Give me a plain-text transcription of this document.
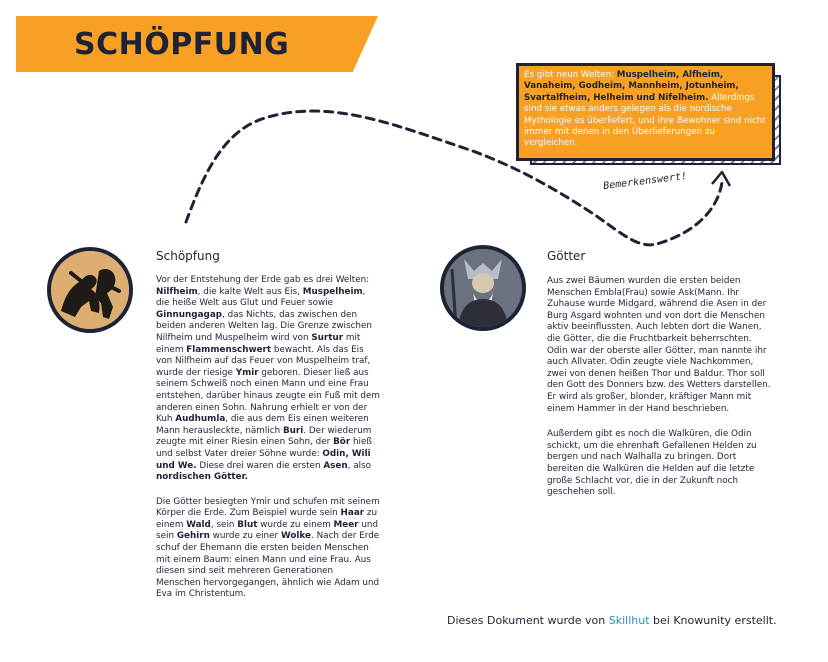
SCHÖPFUNG
Es gibt neun Welten: Muspelheim, Alfheim, Vanaheim, Godheim, Mannheim, Jotunheim, Svartalfheim, Helheim und Nifelheim. Allerdings sind sie etwas anders gelegen als die nordische Mythologie es überliefert, und ihre Bewohner sind nicht immer mit denen in den Überlieferungen zu vergleichen.
Bemerkenswert!
Schöpfung

Vor der Entstehung der Erde gab es drei Welten: Nilfheim, die kalte Welt aus Eis, Muspelheim, die heiße Welt aus Glut und Feuer sowie Ginnungagap, das Nichts, das zwischen den beiden anderen Welten lag. Die Grenze zwischen Nilfheim und Muspelheim wird von Surtur mit einem Flammenschwert bewacht. Als das Eis von Nilfheim auf das Feuer von Muspelheim traf, wurde der riesige Ymir geboren. Dieser ließ aus seinem Schweiß noch einen Mann und eine Frau entstehen, darüber hinaus zeugte ein Fuß mit dem anderen einen Sohn. Nahrung erhielt er von der Kuh Audhumla, die aus dem Eis einen weiteren Mann herausleckte, nämlich Buri. Der wiederum zeugte mit einer Riesin einen Sohn, der Bör hieß und selbst Vater dreier Söhne wurde: Odin, Wili und We. Diese drei waren die ersten Asen, also nordischen Götter.

Die Götter besiegten Ymir und schufen mit seinem Körper die Erde. Zum Beispiel wurde sein Haar zu einem Wald, sein Blut wurde zu einem Meer und sein Gehirn wurde zu einer Wolke. Nach der Erde schuf der Ehemann die ersten beiden Menschen mit einem Baum: einen Mann und eine Frau. Aus diesen sind seit mehreren Generationen Menschen hervorgegangen, ähnlich wie Adam und Eva im Christentum.

Götter

Aus zwei Bäumen wurden die ersten beiden Menschen Embla(Frau) sowie Ask(Mann. Ihr Zuhause wurde Midgard, während die Asen in der Burg Asgard wohnten und von dort die Menschen aktiv beeinflussten. Auch lebten dort die Wanen, die Götter, die die Fruchtbarkeit beherrschten. Odin war der oberste aller Götter, man nannte ihr auch Allvater. Odin zeugte viele Nachkommen, zwei von denen heißen Thor und Baldur. Thor soll den Gott des Donners bzw. des Wetters darstellen. Er wird als großer, blonder, kräftiger Mann mit einem Hammer in der Hand beschrieben.

Außerdem gibt es noch die Walküren, die Odin schickt, um die ehrenhaft Gefallenen Helden zu bergen und nach Walhalla zu bringen. Dort bereiten die Walküren die Helden auf die letzte große Schlacht vor, die in der Zukunft noch geschehen soll.

Dieses Dokument wurde von Skillhut bei Knowunity erstellt.
